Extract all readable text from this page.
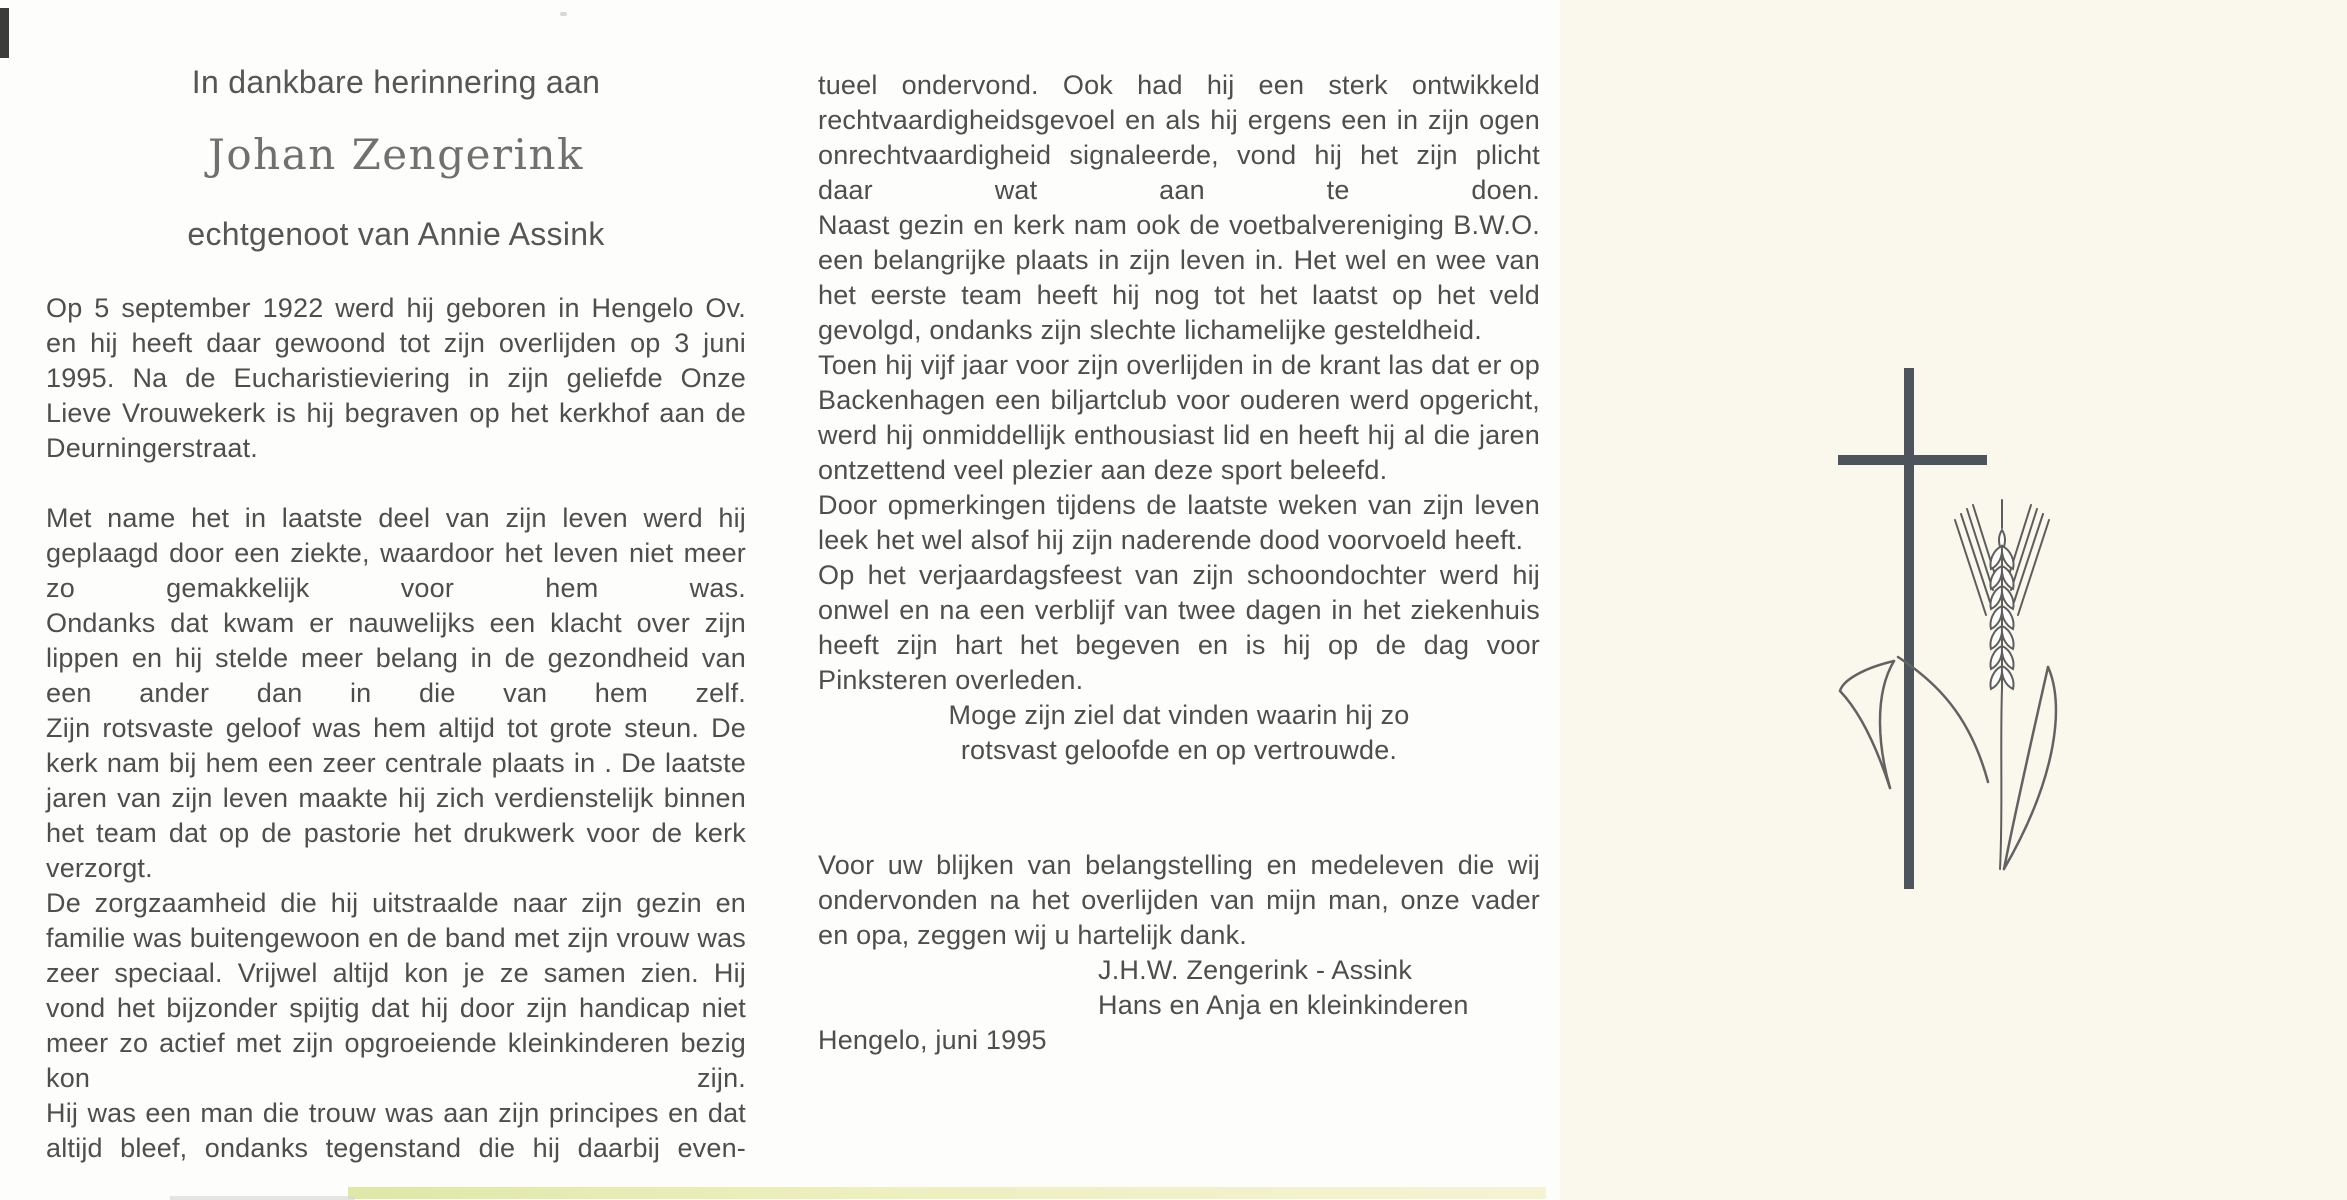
In dankbare herinnering aan
Johan Zengerink
echtgenoot van Annie Assink

Op 5 september 1922 werd hij geboren in Hengelo Ov. en hij heeft daar gewoond tot zijn overlijden op 3 juni 1995. Na de Eucharistieviering in zijn geliefde Onze Lieve Vrouwekerk is hij begraven op het kerkhof aan de Deurningerstraat.

Met name het in laatste deel van zijn leven werd hij geplaagd door een ziekte, waardoor het leven niet meer zo gemakkelijk voor hem was.

Ondanks dat kwam er nauwelijks een klacht over zijn lippen en hij stelde meer belang in de gezondheid van een ander dan in die van hem zelf.

Zijn rotsvaste geloof was hem altijd tot grote steun. De kerk nam bij hem een zeer centrale plaats in . De laatste jaren van zijn leven maakte hij zich verdienstelijk binnen het team dat op de pastorie het drukwerk voor de kerk verzorgt.

De zorgzaamheid die hij uitstraalde naar zijn gezin en familie was buitengewoon en de band met zijn vrouw was zeer speciaal. Vrijwel altijd kon je ze samen zien. Hij vond het bijzonder spijtig dat hij door zijn handicap niet meer zo actief met zijn opgroeiende kleinkinderen bezig kon zijn.

Hij was een man die trouw was aan zijn principes en dat altijd bleef, ondanks tegenstand die hij daarbij even-

tueel ondervond. Ook had hij een sterk ontwikkeld rechtvaardigheidsgevoel en als hij ergens een in zijn ogen onrechtvaardigheid signaleerde, vond hij het zijn plicht daar wat aan te doen.

Naast gezin en kerk nam ook de voetbalvereniging B.W.O. een belangrijke plaats in zijn leven in. Het wel en wee van het eerste team heeft hij nog tot het laatst op het veld gevolgd, ondanks zijn slechte lichamelijke gesteldheid.

Toen hij vijf jaar voor zijn overlijden in de krant las dat er op Backenhagen een biljartclub voor ouderen werd opgericht, werd hij onmiddellijk enthousiast lid en heeft hij al die jaren ontzettend veel plezier aan deze sport beleefd.

Door opmerkingen tijdens de laatste weken van zijn leven leek het wel alsof hij zijn naderende dood voorvoeld heeft.

Op het verjaardagsfeest van zijn schoondochter werd hij onwel en na een verblijf van twee dagen in het ziekenhuis heeft zijn hart het begeven en is hij op de dag voor Pinksteren overleden.

Moge zijn ziel dat vinden waarin hij zo
rotsvast geloofde en op vertrouwde.

Voor uw blijken van belangstelling en medeleven die wij ondervonden na het overlijden van mijn man, onze vader en opa, zeggen wij u hartelijk dank.

J.H.W. Zengerink - Assink
Hans en Anja en kleinkinderen
Hengelo, juni 1995
